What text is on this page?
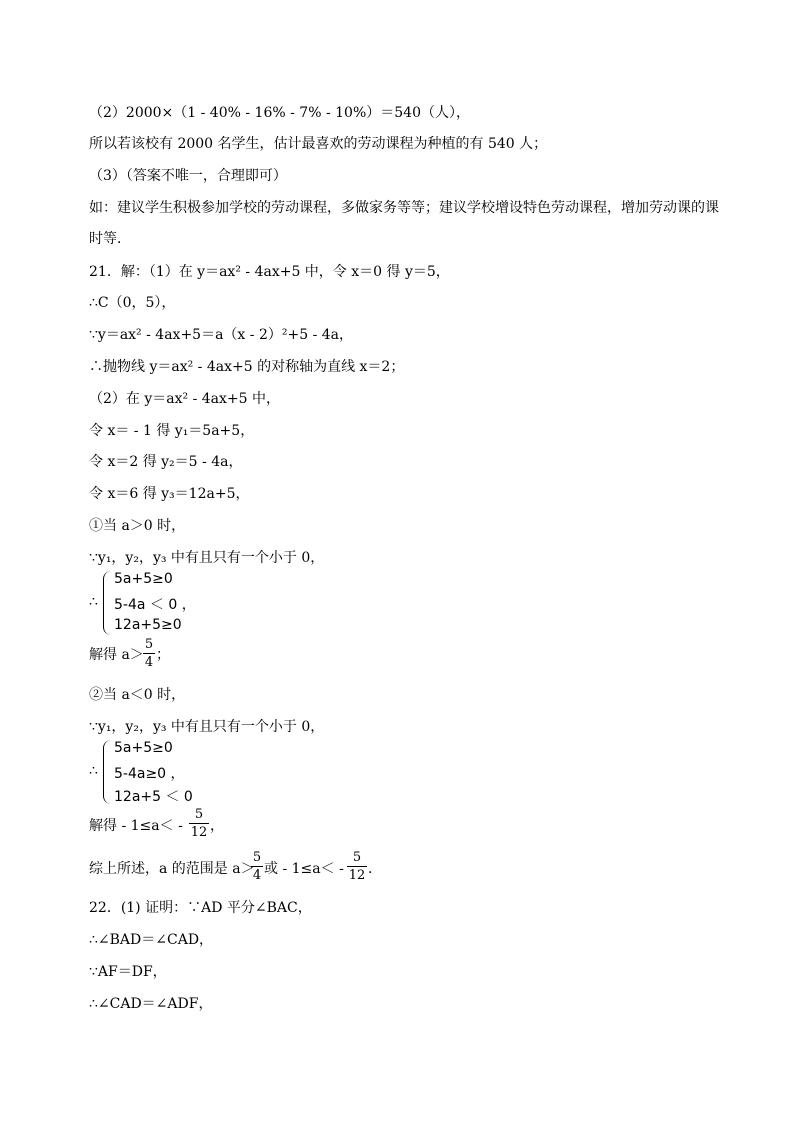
（2）2000×（1 - 40% - 16% - 7% - 10%）＝540（人），
所以若该校有 2000 名学生，估计最喜欢的劳动课程为种植的有 540 人；
（3）（答案不唯一，合理即可）
如：建议学生积极参加学校的劳动课程，多做家务等等；建议学校增设特色劳动课程，增加劳动课的课
时等．
21．解：（1）在 y＝ax² - 4ax+5 中，令 x＝0 得 y＝5，
∴C（0，5），
∵y＝ax² - 4ax+5＝a（x - 2）²+5 - 4a，
∴抛物线 y＝ax² - 4ax+5 的对称轴为直线 x＝2；
（2）在 y＝ax² - 4ax+5 中，
令 x＝ - 1 得 y₁＝5a+5，
令 x＝2 得 y₂＝5 - 4a，
令 x＝6 得 y₃＝12a+5，
①当 a＞0 时，
∵y₁，y₂，y₃ 中有且只有一个小于 0，
∴
5a+5≥0
5-4a ＜ 0 ，
12a+5≥0
解得 a＞
5
4 ；
②当 a＜0 时，
∵y₁，y₂，y₃ 中有且只有一个小于 0，
∴
5a+5≥0
5-4a≥0 ，
12a+5 ＜ 0
解得 - 1≤a＜ -
5
12 ，
综上所述，a 的范围是 a＞
5
4 或 - 1≤a＜ -
5
12 ．
22．(1) 证明：∵AD 平分∠BAC，
∴∠BAD＝∠CAD，
∵AF＝DF，
∴∠CAD＝∠ADF，
